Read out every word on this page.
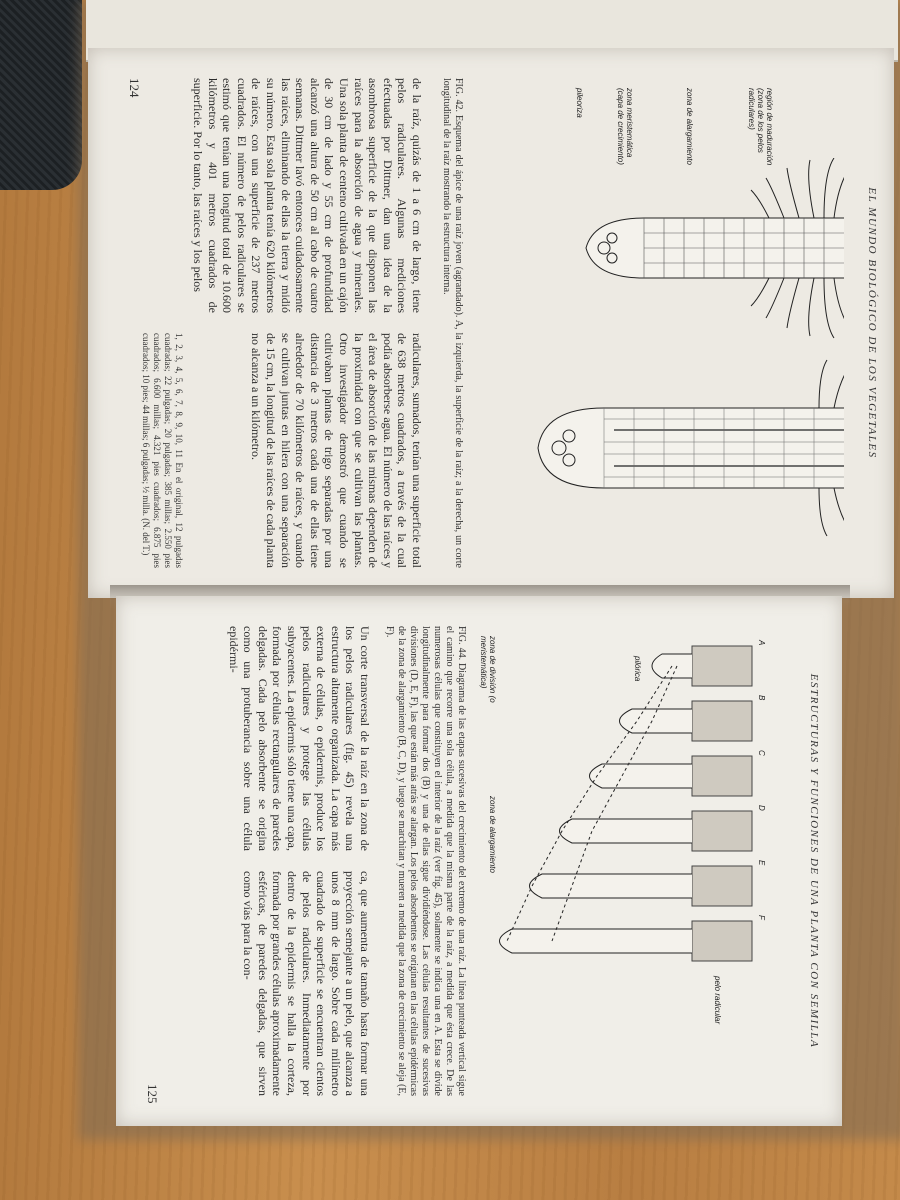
EL MUNDO BIOLÓGICO DE LOS VEGETALES
124
región de maduración (zona de los pelos radiculares)
zona de alargamiento
zona meristemática (capa de crecimiento)
pileoriza
FIG. 42. Esquema del ápice de una raíz joven (agrandado). A, la izquierda, la superficie de la raíz; a la derecha, un corte longitudinal de la raíz mostrando la estructura interna.
de la raíz, quizás de 1 a 6 cm de largo, tiene pelos radiculares. Algunas mediciones efectuadas por Dittmer, dan una idea de la asombrosa superficie de la que disponen las raíces para la absorción de agua y minerales. Una sola planta de centeno cultivada en un cajón de 30 cm de lado y 55 cm de profundidad alcanzó una altura de 50 cm al cabo de cuatro semanas. Dittmer lavó entonces cuidadosamente las raíces, eliminando de ellas la tierra y midió su número. Esta sola planta tenía 620 kilómetros de raíces, con una superficie de 237 metros cuadrados. El número de pelos radiculares se estimó que tenían una longitud total de 10.600 kilómetros y 401 metros cuadrados de superficie. Por lo tanto, las raíces y los pelos
radiculares, sumados, tenían una superficie total de 638 metros cuadrados, a través de la cual podía absorberse agua. El número de las raíces y el área de absorción de las mismas dependen de la proximidad con que se cultivan las plantas. Otro investigador demostró que cuando se cultivaban plantas de trigo separadas por una distancia de 3 metros cada una de ellas tiene alrededor de 70 kilómetros de raíces, y cuando se cultivan juntas en hilera con una separación de 15 cm, la longitud de las raíces de cada planta no alcanza a un kilómetro.
1, 2, 3, 4, 5, 6, 7, 8, 9, 10, 11 En el original, 12 pulgadas cuadradas; 22 pulgadas; 20 pulgadas; 385 millas; 2.550 pies cuadrados; 6.600 millas; 4.321 pies cuadrados; 6.875 pies cuadrados; 10 pies; 44 millas; 6 pulgadas; ½ milla. (N. del T.)
ESTRUCTURAS Y FUNCIONES DE UNA PLANTA CON SEMILLA
125
A
B
C
D
E
F
pilórica
pelo radicular
zona de división (o meristemática)
zona de alargamiento
FIG. 44. Diagrama de las etapas sucesivas del crecimiento del extremo de una raíz. La línea punteada vertical sigue el camino que recorre una sola célula, a medida que la misma parte de la raíz, a medida que ésta crece. De las numerosas células que constituyen el interior de la raíz (ver fig. 45), solamente se indica una en A. Esta se divide longitudinalmente para formar dos (B) y una de ellas sigue dividiéndose. Las células resultantes de sucesivas divisiones (D, E, F), las que están más atrás se alargan. Los pelos absorbentes se originan en las células epidérmicas de la zona de alargamiento (B, C, D), y luego se marchitan y mueren a medida que la zona de crecimiento se aleja (E, F).
Un corte transversal de la raíz en la zona de los pelos radiculares (fig. 45) revela una estructura altamente organizada. La capa más externa de células, o epidermis, produce los pelos radiculares y protege las células subyacentes. La epidermis sólo tiene una capa, formada por células rectangulares de paredes delgadas. Cada pelo absorbente se origina como una protuberancia sobre una célula epidérmi-
ca, que aumenta de tamaño hasta formar una proyección semejante a un pelo, que alcanza a unos 8 mm de largo. Sobre cada milímetro cuadrado de superficie se encuentran cientos de pelos radiculares. Inmediatamente por dentro de la epidermis se halla la corteza, formada por grandes células aproximadamente esféricas, de paredes delgadas, que sirven como vías para la con-
